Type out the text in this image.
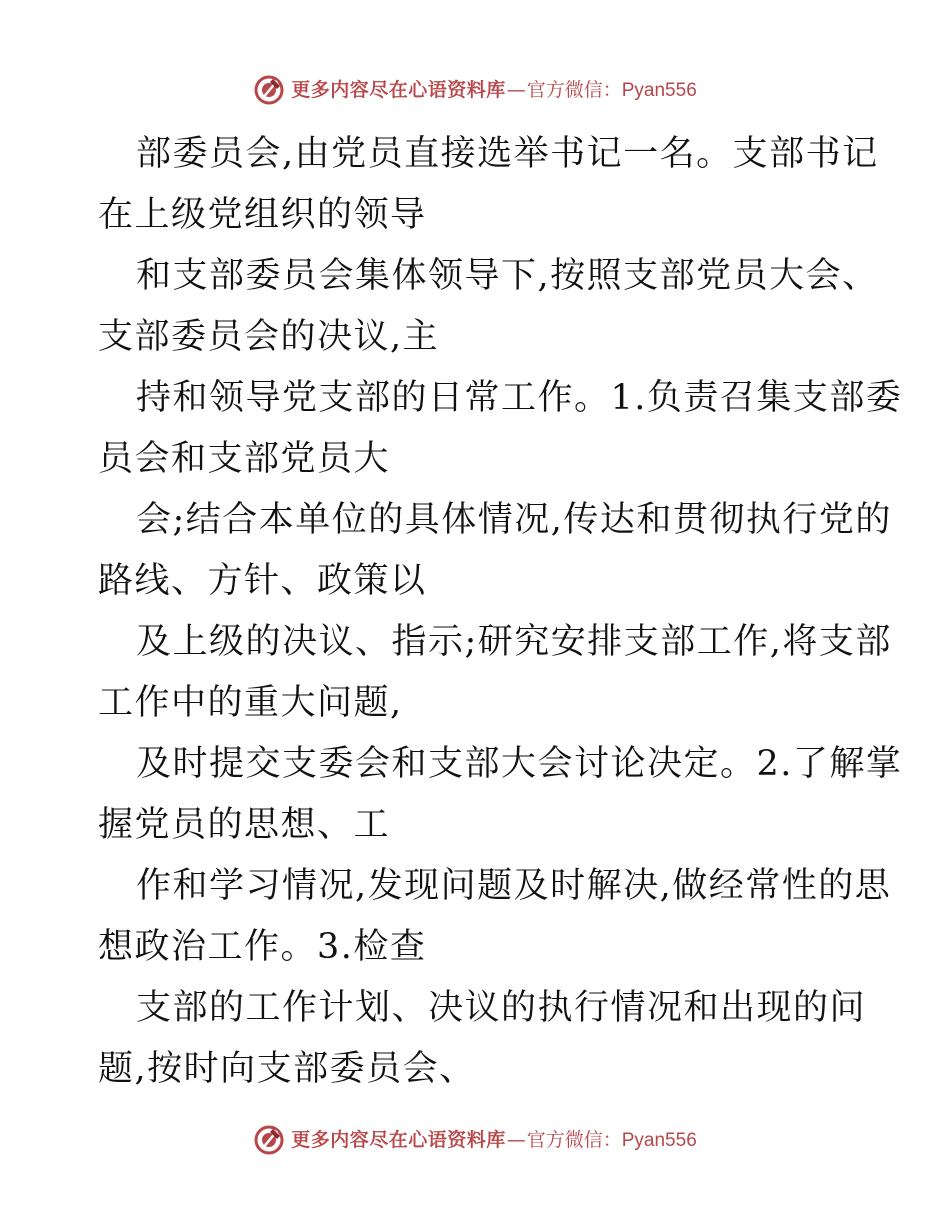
更多内容尽在心语资料库 — 官方微信： Pyan556
部委员会,由党员直接选举书记一名。支部书记
在上级党组织的领导
和支部委员会集体领导下,按照支部党员大会、
支部委员会的决议,主
持和领导党支部的日常工作。1.负责召集支部委
员会和支部党员大
会;结合本单位的具体情况,传达和贯彻执行党的
路线、方针、政策以
及上级的决议、指示;研究安排支部工作,将支部
工作中的重大问题,
及时提交支委会和支部大会讨论决定。2.了解掌
握党员的思想、工
作和学习情况,发现问题及时解决,做经常性的思
想政治工作。3.检查
支部的工作计划、决议的执行情况和出现的问
题,按时向支部委员会、
更多内容尽在心语资料库 — 官方微信： Pyan556
